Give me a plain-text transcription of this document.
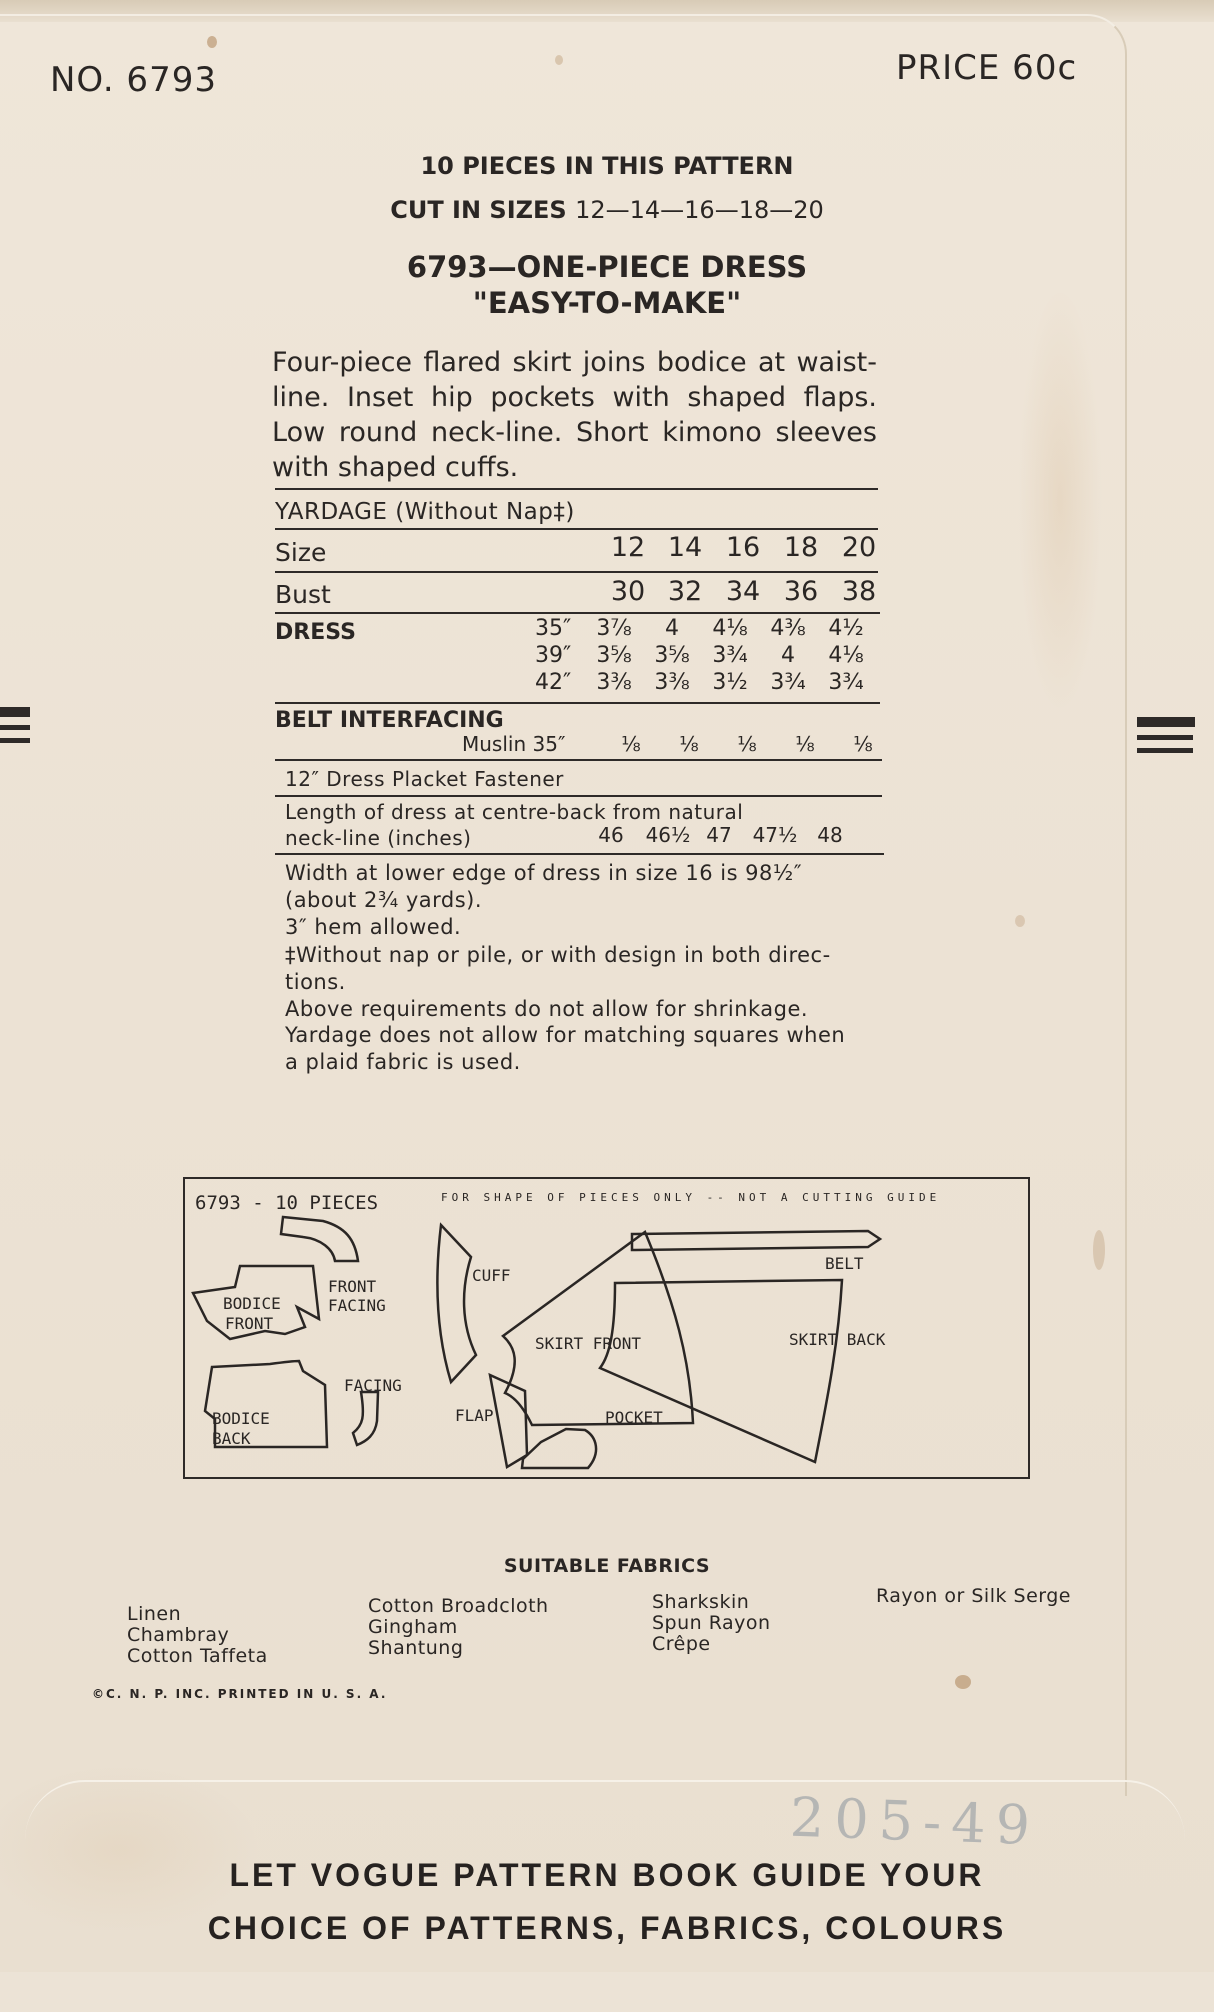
NO. 6793	PRICE 60c
10 PIECES IN THIS PATTERN
CUT IN SIZES 12—14—16—18—20
6793—ONE-PIECE DRESS
"EASY-TO-MAKE"
Four-piece flared skirt joins bodice at waist-line. Inset hip pockets with shaped flaps. Low round neck-line. Short kimono sleeves with shaped cuffs.
YARDAGE (Without Nap‡)
Size	12 14 16 18 20
Bust	30 32 34 36 38
DRESS	35″	3⅞	4	4⅛	4⅜	4½
39″	3⅝	3⅝	3¾	4	4⅛
42″	3⅜	3⅜	3½	3¾	3¾
BELT INTERFACING
Muslin 35″	⅛	⅛	⅛	⅛	⅛
12″ Dress Placket Fastener
Length of dress at centre-back from natural
neck-line (inches)	46	46½ 47	47½ 48
Width at lower edge of dress in size 16 is 98½″
(about 2¾ yards).
3″ hem allowed.
‡Without nap or pile, or with design in both direc-
tions.
Above requirements do not allow for shrinkage.
Yardage does not allow for matching squares when
a plaid fabric is used.
6793 - 10 PIECES	FOR SHAPE OF PIECES ONLY -- NOT A CUTTING GUIDE
BODICE
FRONT
FRONT
FACING
FACING
BODICE
BACK
CUFF
FLAP
SKIRT FRONT
POCKET
BELT
SKIRT BACK
SUITABLE FABRICS
Linen
Chambray
Cotton Taffeta
Cotton Broadcloth
Gingham
Shantung
Sharkskin
Spun Rayon
Crêpe
Rayon or Silk Serge
©C. N. P. INC. PRINTED IN U. S. A.
205-49
LET VOGUE PATTERN BOOK GUIDE YOUR
CHOICE OF PATTERNS, FABRICS, COLOURS
